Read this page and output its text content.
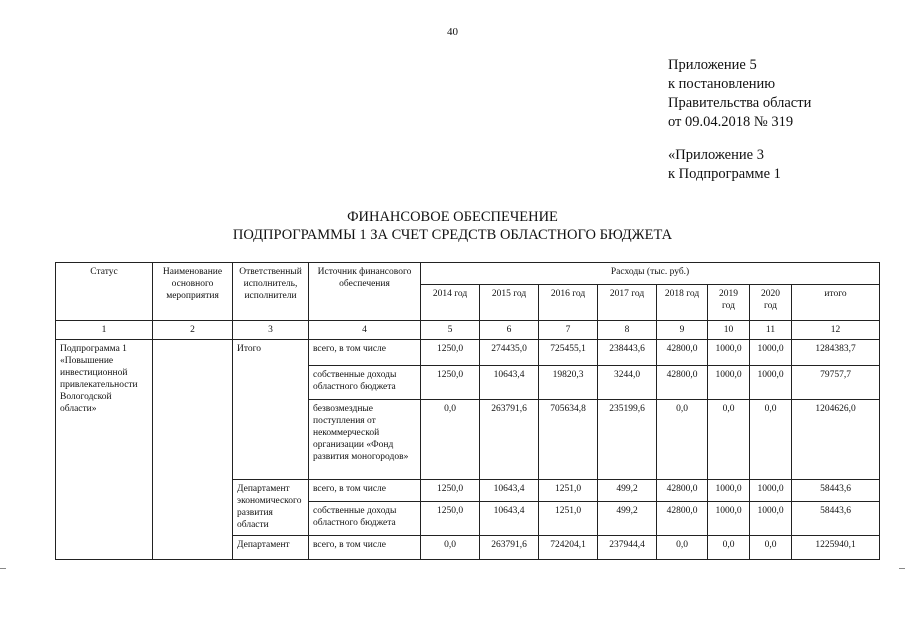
40
Приложение 5
к постановлению
Правительства области
от 09.04.2018 № 319
«Приложение 3
к Подпрограмме 1
ФИНАНСОВОЕ ОБЕСПЕЧЕНИЕ
ПОДПРОГРАММЫ 1 ЗА СЧЕТ СРЕДСТВ ОБЛАСТНОГО БЮДЖЕТА
Статус	Наименование основного мероприятия	Ответственный исполнитель, исполнители	Источник финансового обеспечения	Расходы (тыс. руб.)							
				2014 год	2015 год	2016 год	2017 год	2018 год	2019 год	2020 год	итого
1	2	3	4	5	6	7	8	9	10	11	12
Подпрограмма 1 «Повышение инвестиционной привлекательности Вологодской области»		Итого	всего, в том числе	1250,0	274435,0	725455,1	238443,6	42800,0	1000,0	1000,0	1284383,7
			собственные доходы областного бюджета	1250,0	10643,4	19820,3	3244,0	42800,0	1000,0	1000,0	79757,7
			безвозмездные поступления от некоммерческой организации «Фонд развития моногородов»	0,0	263791,6	705634,8	235199,6	0,0	0,0	0,0	1204626,0
		Департамент экономического развития области	всего, в том числе	1250,0	10643,4	1251,0	499,2	42800,0	1000,0	1000,0	58443,6
			собственные доходы областного бюджета	1250,0	10643,4	1251,0	499,2	42800,0	1000,0	1000,0	58443,6
		Департамент	всего, в том числе	0,0	263791,6	724204,1	237944,4	0,0	0,0	0,0	1225940,1
